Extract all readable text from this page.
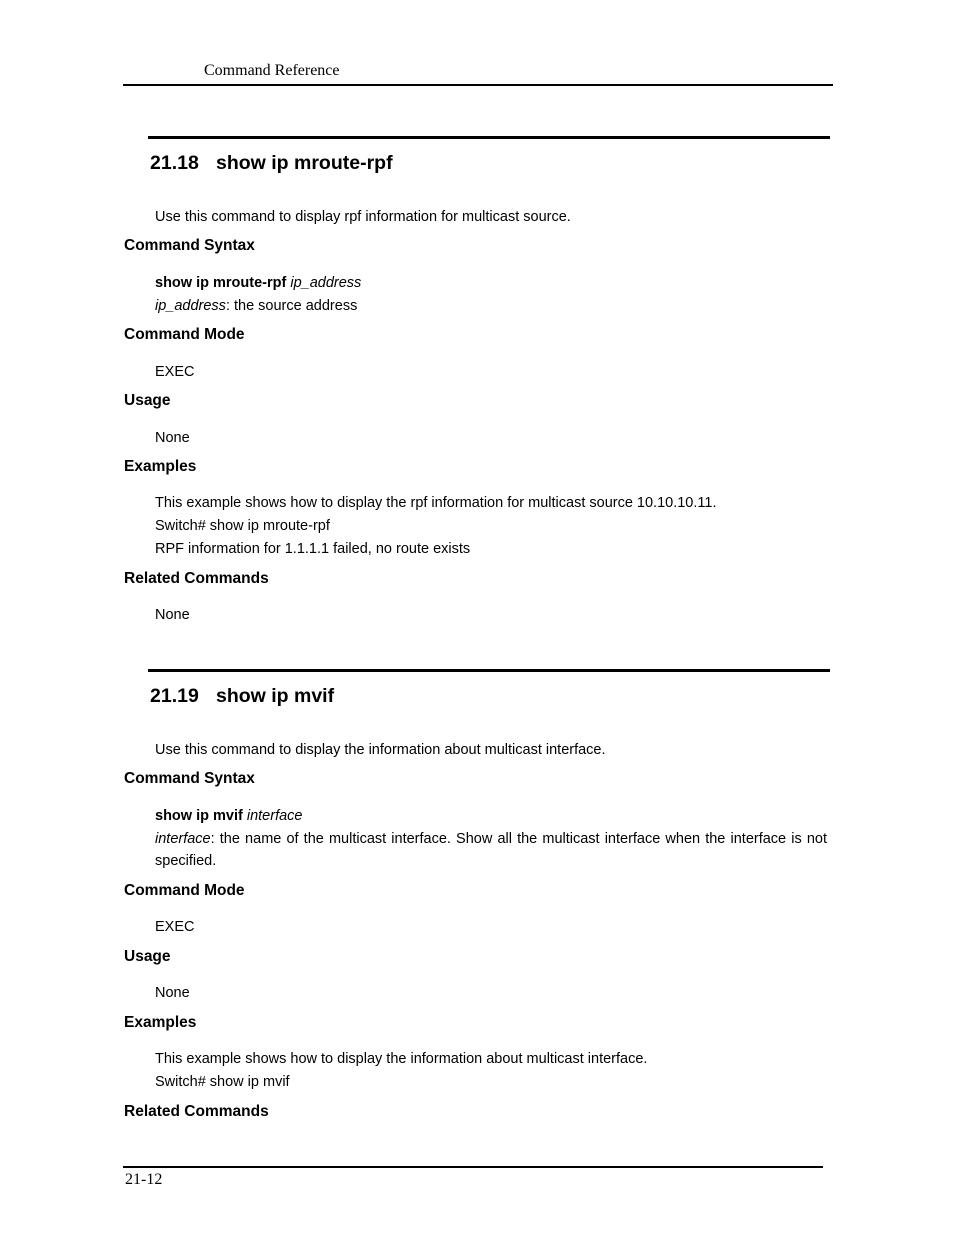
Command Reference
21.18 show ip mroute-rpf
Use this command to display rpf information for multicast source.
Command Syntax
show ip mroute-rpf ip_address
ip_address: the source address
Command Mode
EXEC
Usage
None
Examples
This example shows how to display the rpf information for multicast source 10.10.10.11.
Switch# show ip mroute-rpf
RPF information for 1.1.1.1 failed, no route exists
Related Commands
None
21.19 show ip mvif
Use this command to display the information about multicast interface.
Command Syntax
show ip mvif interface
interface: the name of the multicast interface. Show all the multicast interface when the interface is not specified.
Command Mode
EXEC
Usage
None
Examples
This example shows how to display the information about multicast interface.
Switch# show ip mvif
Related Commands
21-12
